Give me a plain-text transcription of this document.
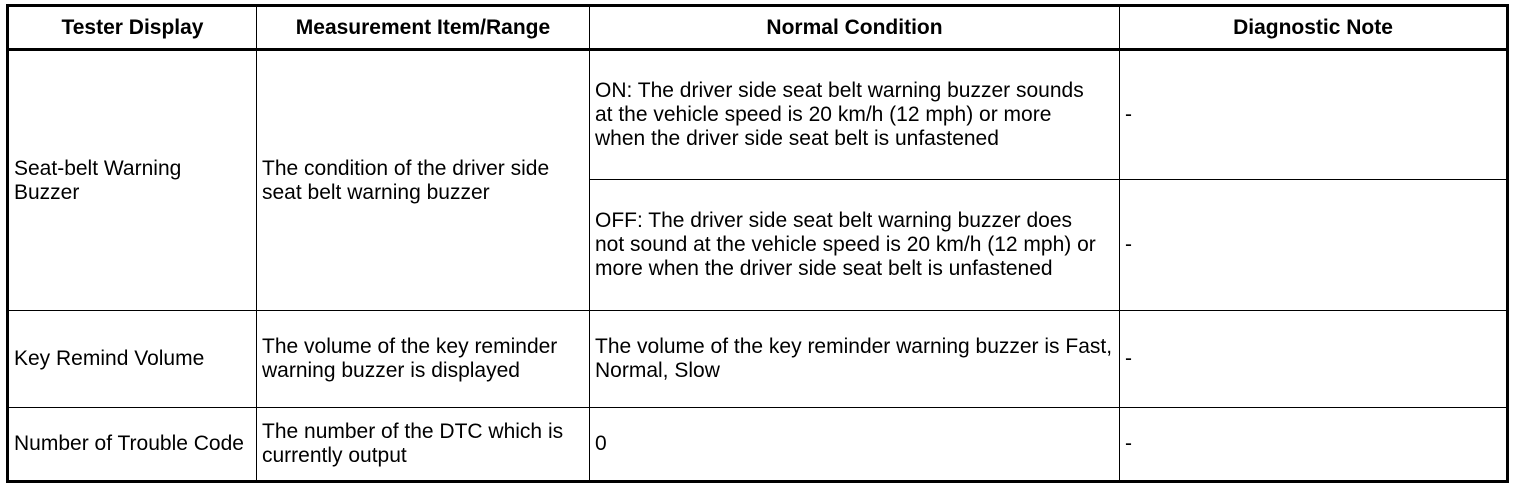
Tester Display	Measurement Item/Range	Normal Condition	Diagnostic Note
Seat-belt Warning Buzzer	The condition of the driver side seat belt warning buzzer	ON: The driver side seat belt warning buzzer sounds at the vehicle speed is 20 km/h (12 mph) or more when the driver side seat belt is unfastened	-
		OFF: The driver side seat belt warning buzzer does not sound at the vehicle speed is 20 km/h (12 mph) or more when the driver side seat belt is unfastened	-
Key Remind Volume	The volume of the key reminder warning buzzer is displayed	The volume of the key reminder warning buzzer is Fast, Normal, Slow	-
Number of Trouble Code	The number of the DTC which is currently output	0	-
